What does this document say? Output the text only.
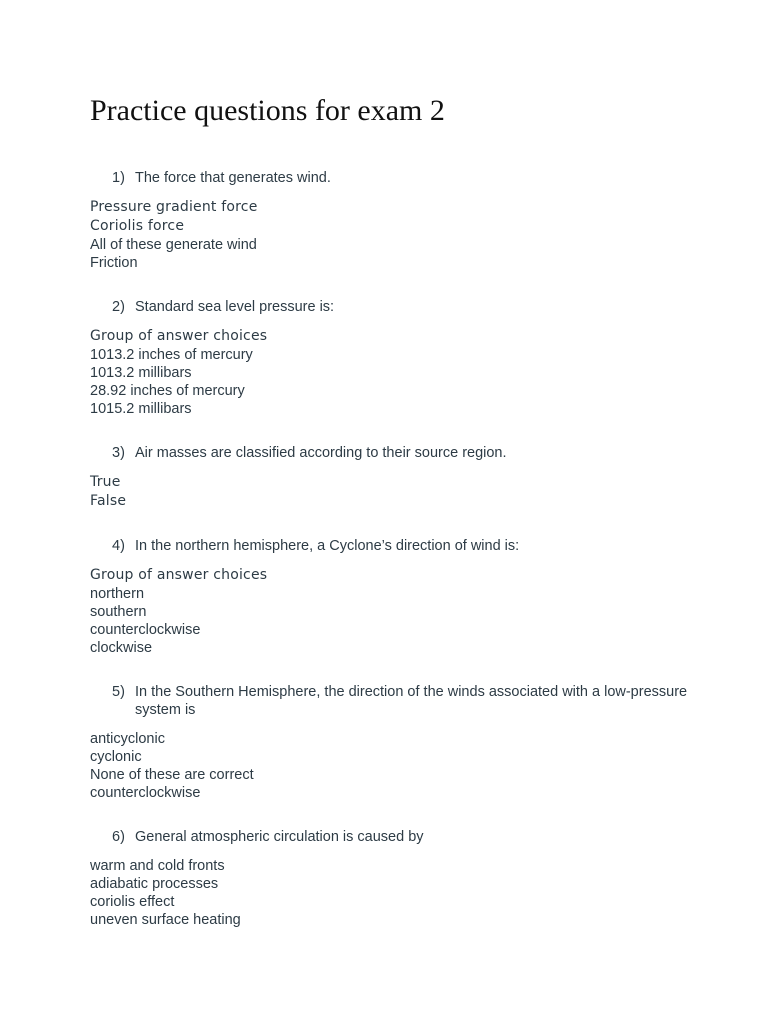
Practice questions for exam 2
1) The force that generates wind.
Pressure gradient force
Coriolis force
All of these generate wind
Friction
2) Standard sea level pressure is:
Group of answer choices
1013.2 inches of mercury
1013.2 millibars
28.92 inches of mercury
1015.2 millibars
3) Air masses are classified according to their source region.
True
False
4) In the northern hemisphere, a Cyclone’s direction of wind is:
Group of answer choices
northern
southern
counterclockwise
clockwise
5) In the Southern Hemisphere, the direction of the winds associated with a low-pressure system is
anticyclonic
cyclonic
None of these are correct
counterclockwise
6) General atmospheric circulation is caused by
warm and cold fronts
adiabatic processes
coriolis effect
uneven surface heating
